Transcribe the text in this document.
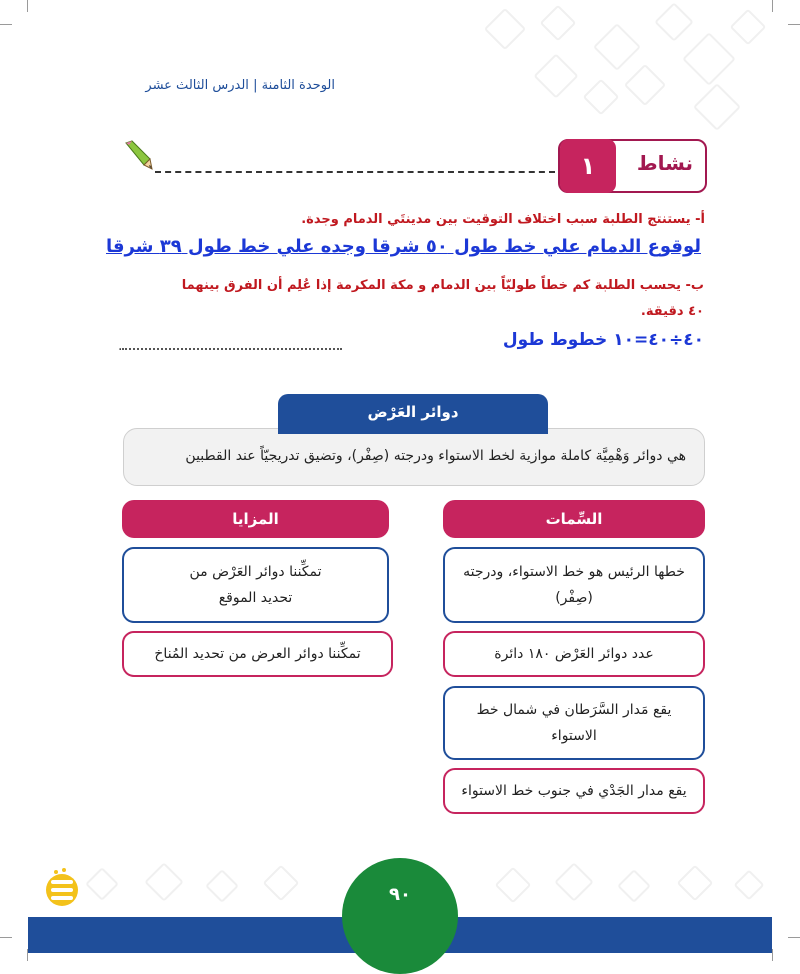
الوحدة الثامنة | الدرس الثالث عشر
نشاط
١
أ- يستنتج الطلبة سبب اختلاف التوقيت بين مدينتَي الدمام وجدة.
لوقوع الدمام علي خط طول ٥٠ شرقا وجده علي خط طول ٣٩ شرقا
ب- يحسب الطلبة كم خطاً طوليّاً بين الدمام و مكة المكرمة إذا عُلِم أن الفرق بينهما
٤٠ دقيقة.
٤٠÷٤٠=١٠ خطوط طول
.
هي دوائر وَهْمِيَّة كاملة موازية لخط الاستواء ودرجته (صِفْر)، وتضيق تدريجيّاً عند القطبين
دوائر العَرْض
السِّمات
المزايا
خطها الرئيس هو خط الاستواء، ودرجته
(صِفْر)
عدد دوائر العَرْض ١٨٠ دائرة
يقع مَدار السَّرَطان في شمال خط
الاستواء
يقع مدار الجَدْي في جنوب خط الاستواء
تمكِّننا دوائر العَرْض من
تحديد الموقع
تمكِّننا دوائر العرض من تحديد المُناخ
٩٠
